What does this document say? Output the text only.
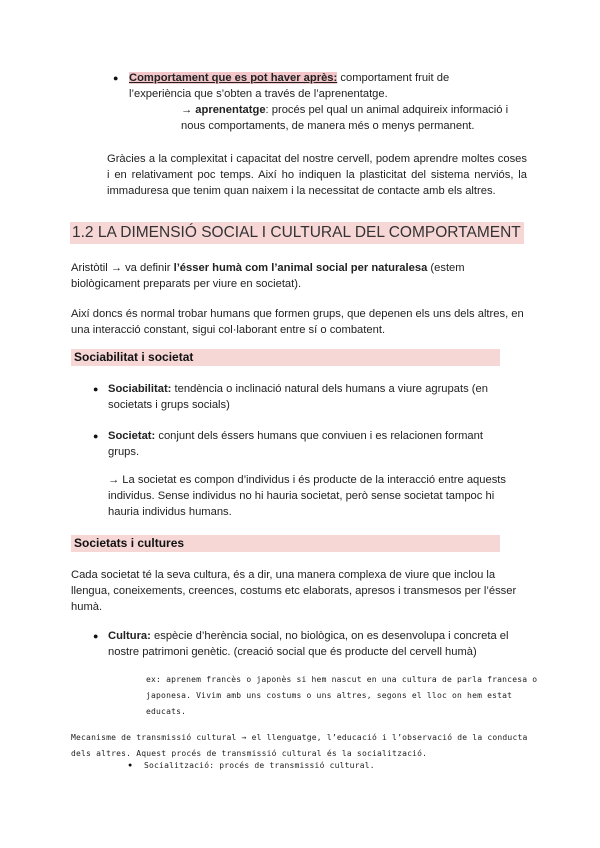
● Comportament que es pot haver après: comportament fruit de l’experiència que s’obten a través de l’aprenentatge.
→ aprenentatge: procés pel qual un animal adquireix informació i nous comportaments, de manera més o menys permanent.
Gràcies a la complexitat i capacitat del nostre cervell, podem aprendre moltes coses i en relativament poc temps. Així ho indiquen la plasticitat del sistema nerviós, la immaduresa que tenim quan naixem i la necessitat de contacte amb els altres.
1.2 LA DIMENSIÓ SOCIAL I CULTURAL DEL COMPORTAMENT
Aristòtil → va definir l’ésser humà com l’animal social per naturalesa (estem biològicament preparats per viure en societat).
Així doncs és normal trobar humans que formen grups, que depenen els uns dels altres, en una interacció constant, sigui col·laborant entre sí o combatent.
Sociabilitat i societat
● Sociabilitat: tendència o inclinació natural dels humans a viure agrupats (en societats i grups socials)
● Societat: conjunt dels éssers humans que conviuen i es relacionen formant grups.
→ La societat es compon d’individus i és producte de la interacció entre aquests individus. Sense individus no hi hauria societat, però sense societat tampoc hi hauria individus humans.
Societats i cultures
Cada societat té la seva cultura, és a dir, una manera complexa de viure que inclou la llengua, coneixements, creences, costums etc elaborats, apresos i transmesos per l’ésser humà.
● Cultura: espècie d’herència social, no biològica, on es desenvolupa i concreta el nostre patrimoni genètic. (creació social que és producte del cervell humà)
ex: aprenem francès o japonès si hem nascut en una cultura de parla francesa o japonesa. Vivim amb uns costums o uns altres, segons el lloc on hem estat educats.
Mecanisme de transmissió cultural → el llenguatge, l’educació i l’observació de la conducta dels altres. Aquest procés de transmissió cultural és la socialització.
● Socialització: procés de transmissió cultural.
